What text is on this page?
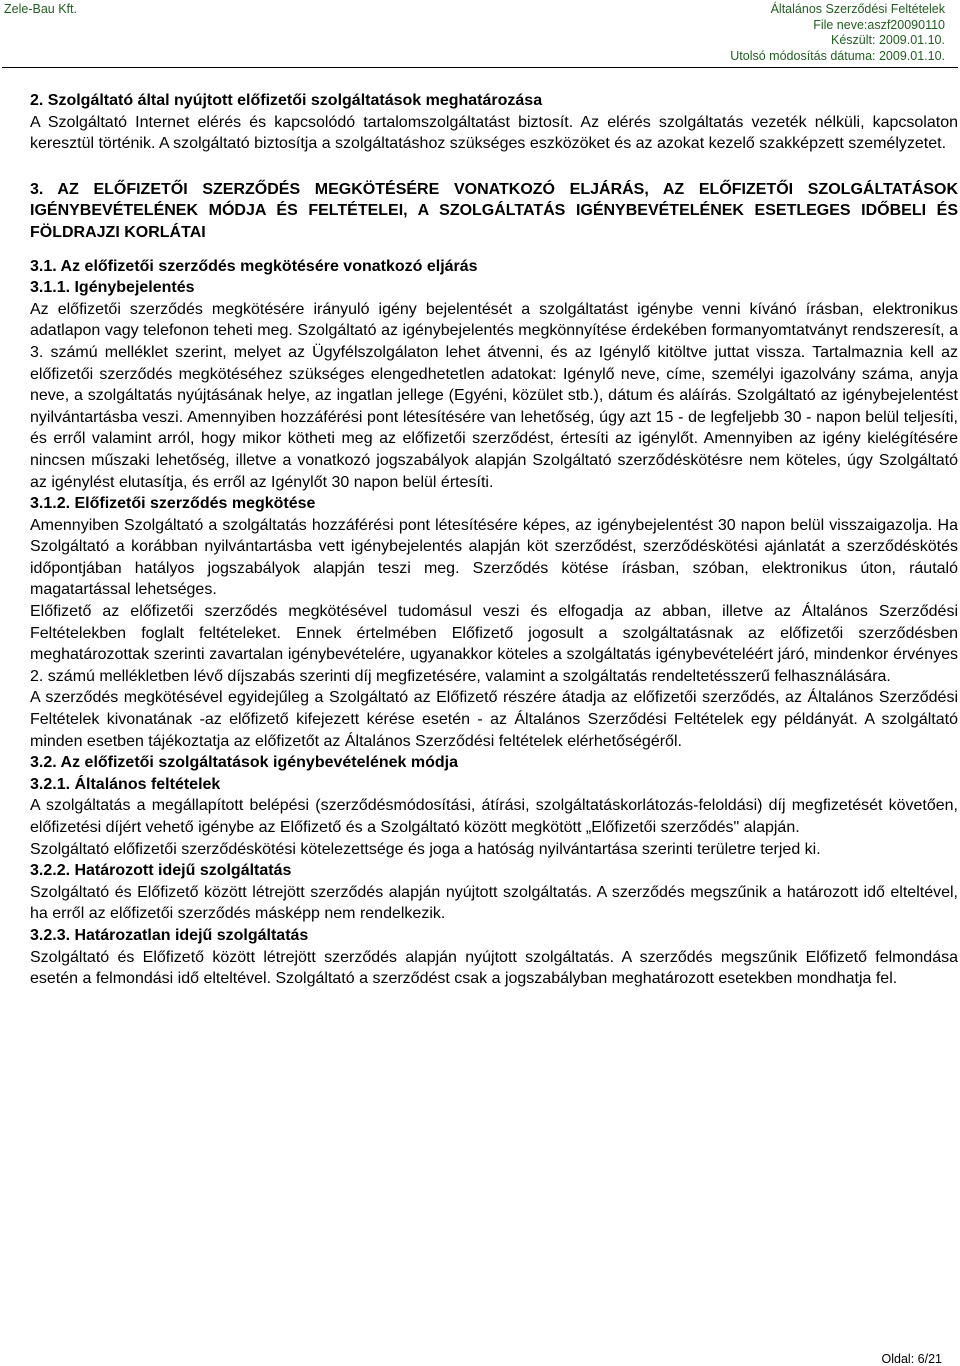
Zele-Bau Kft.	Általános Szerződési Feltételek
File neve:aszf20090110
Készült: 2009.01.10.
Utolsó módosítás dátuma: 2009.01.10.

2. Szolgáltató által nyújtott előfizetői szolgáltatások meghatározása

A Szolgáltató Internet elérés és kapcsolódó tartalomszolgáltatást biztosít. Az elérés szolgáltatás vezeték nélküli, kapcsolaton keresztül történik. A szolgáltató biztosítja a szolgáltatáshoz szükséges eszközöket és az azokat kezelő szakképzett személyzetet.

3. AZ ELŐFIZETŐI SZERZŐDÉS MEGKÖTÉSÉRE VONATKOZÓ ELJÁRÁS, AZ ELŐFIZETŐI SZOLGÁLTATÁSOK IGÉNYBEVÉTELÉNEK MÓDJA ÉS FELTÉTELEI, A SZOLGÁLTATÁS IGÉNYBEVÉTELÉNEK ESETLEGES IDŐBELI ÉS FÖLDRAJZI KORLÁTAI

3.1. Az előfizetői szerződés megkötésére vonatkozó eljárás

3.1.1. Igénybejelentés

Az előfizetői szerződés megkötésére irányuló igény bejelentését a szolgáltatást igénybe venni kívánó írásban, elektronikus adatlapon vagy telefonon teheti meg. Szolgáltató az igénybejelentés megkönnyítése érdekében formanyomtatványt rendszeresít, a 3. számú melléklet szerint, melyet az Ügyfélszolgálaton lehet átvenni, és az Igénylő kitöltve juttat vissza. Tartalmaznia kell az előfizetői szerződés megkötéséhez szükséges elengedhetetlen adatokat: Igénylő neve, címe, személyi igazolvány száma, anyja neve, a szolgáltatás nyújtásának helye, az ingatlan jellege (Egyéni, közület stb.), dátum és aláírás. Szolgáltató az igénybejelentést nyilvántartásba veszi. Amennyiben hozzáférési pont létesítésére van lehetőség, úgy azt 15 - de legfeljebb 30 - napon belül teljesíti, és erről valamint arról, hogy mikor kötheti meg az előfizetői szerződést, értesíti az igénylőt. Amennyiben az igény kielégítésére nincsen műszaki lehetőség, illetve a vonatkozó jogszabályok alapján Szolgáltató szerződéskötésre nem köteles, úgy Szolgáltató az igénylést elutasítja, és erről az Igénylőt 30 napon belül értesíti.

3.1.2. Előfizetői szerződés megkötése

Amennyiben Szolgáltató a szolgáltatás hozzáférési pont létesítésére képes, az igénybejelentést 30 napon belül visszaigazolja. Ha Szolgáltató a korábban nyilvántartásba vett igénybejelentés alapján köt szerződést, szerződéskötési ajánlatát a szerződéskötés időpontjában hatályos jogszabályok alapján teszi meg. Szerződés kötése írásban, szóban, elektronikus úton, ráutaló magatartással lehetséges.

Előfizető az előfizetői szerződés megkötésével tudomásul veszi és elfogadja az abban, illetve az Általános Szerződési Feltételekben foglalt feltételeket. Ennek értelmében Előfizető jogosult a szolgáltatásnak az előfizetői szerződésben meghatározottak szerinti zavartalan igénybevételére, ugyanakkor köteles a szolgáltatás igénybevételéért járó, mindenkor érvényes 2. számú mellékletben lévő díjszabás szerinti díj megfizetésére, valamint a szolgáltatás rendeltetésszerű felhasználására.

A szerződés megkötésével egyidejűleg a Szolgáltató az Előfizető részére átadja az előfizetői szerződés, az Általános Szerződési Feltételek kivonatának -az előfizető kifejezett kérése esetén - az Általános Szerződési Feltételek egy példányát. A szolgáltató minden esetben tájékoztatja az előfizetőt az Általános Szerződési feltételek elérhetőségéről.

3.2. Az előfizetői szolgáltatások igénybevételének módja

3.2.1. Általános feltételek

A szolgáltatás a megállapított belépési (szerződésmódosítási, átírási, szolgáltatáskorlátozás-feloldási) díj megfizetését követően, előfizetési díjért vehető igénybe az Előfizető és a Szolgáltató között megkötött „Előfizetői szerződés" alapján.

Szolgáltató előfizetői szerződéskötési kötelezettsége és joga a hatóság nyilvántartása szerinti területre terjed ki.

3.2.2. Határozott idejű szolgáltatás

Szolgáltató és Előfizető között létrejött szerződés alapján nyújtott szolgáltatás. A szerződés megszűnik a határozott idő elteltével, ha erről az előfizetői szerződés másképp nem rendelkezik.

3.2.3. Határozatlan idejű szolgáltatás

Szolgáltató és Előfizető között létrejött szerződés alapján nyújtott szolgáltatás. A szerződés megszűnik Előfizető felmondása esetén a felmondási idő elteltével. Szolgáltató a szerződést csak a jogszabályban meghatározott esetekben mondhatja fel.

Oldal: 6/21
